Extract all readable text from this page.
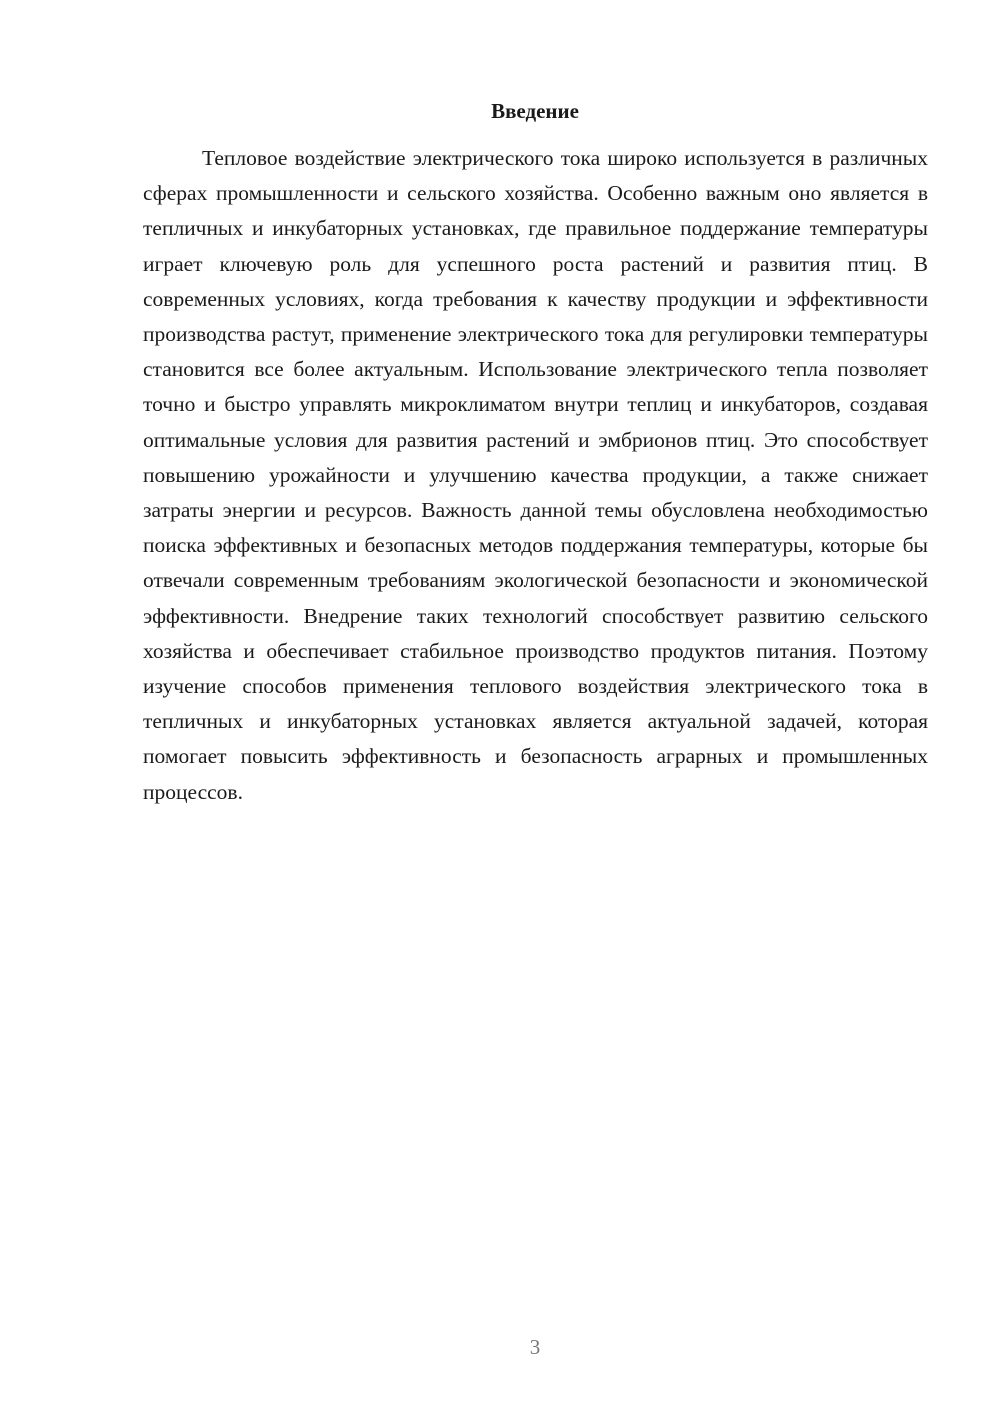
Введение

Тепловое воздействие электрического тока широко используется в различных сферах промышленности и сельского хозяйства. Особенно важным оно является в тепличных и инкубаторных установках, где правильное поддержание температуры играет ключевую роль для успешного роста растений и развития птиц. В современных условиях, когда требования к качеству продукции и эффективности производства растут, применение электрического тока для регулировки температуры становится все более актуальным. Использование электрического тепла позволяет точно и быстро управлять микроклиматом внутри теплиц и инкубаторов, создавая оптимальные условия для развития растений и эмбрионов птиц. Это способствует повышению урожайности и улучшению качества продукции, а также снижает затраты энергии и ресурсов. Важность данной темы обусловлена необходимостью поиска эффективных и безопасных методов поддержания температуры, которые бы отвечали современным требованиям экологической безопасности и экономической эффективности. Внедрение таких технологий способствует развитию сельского хозяйства и обеспечивает стабильное производство продуктов питания. Поэтому изучение способов применения теплового воздействия электрического тока в тепличных и инкубаторных установках является актуальной задачей, которая помогает повысить эффективность и безопасность аграрных и промышленных процессов.

3
